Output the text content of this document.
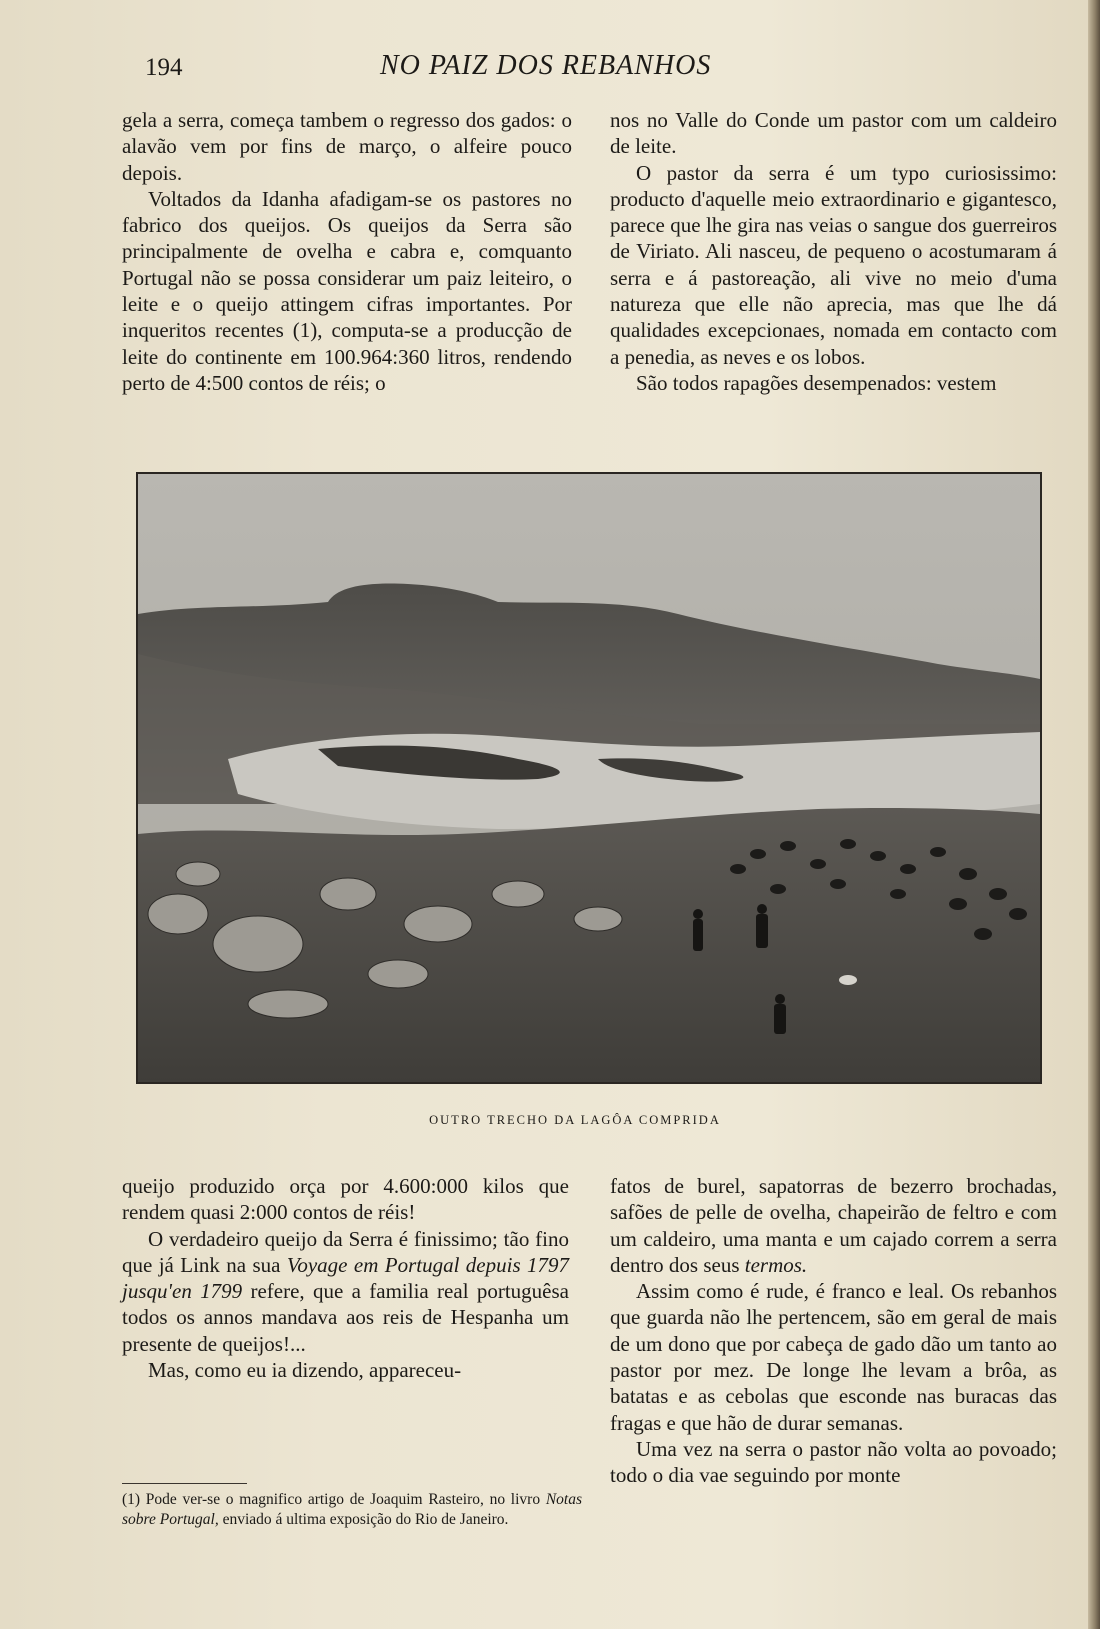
194	NO PAIZ DOS REBANHOS

gela a serra, começa tambem o regresso dos gados: o alavão vem por fins de março, o alfeire pouco depois.

Voltados da Idanha afadigam-se os pastores no fabrico dos queijos. Os queijos da Serra são principalmente de ovelha e cabra e, comquanto Portugal não se possa considerar um paiz leiteiro, o leite e o queijo attingem cifras importantes. Por inqueritos recentes (1), computa-se a producção de leite do continente em 100.964:360 litros, rendendo perto de 4:500 contos de réis; o

nos no Valle do Conde um pastor com um caldeiro de leite.

O pastor da serra é um typo curiosissimo: producto d'aquelle meio extraordinario e gigantesco, parece que lhe gira nas veias o sangue dos guerreiros de Viriato. Ali nasceu, de pequeno o acostumaram á serra e á pastoreação, ali vive no meio d'uma natureza que elle não aprecia, mas que lhe dá qualidades excepcionaes, nomada em contacto com a penedia, as neves e os lobos.

São todos rapagões desempenados: vestem

OUTRO TRECHO DA LAGÔA COMPRIDA

queijo produzido orça por 4.600:000 kilos que rendem quasi 2:000 contos de réis!

O verdadeiro queijo da Serra é finissimo; tão fino que já Link na sua Voyage em Portugal depuis 1797 jusqu'en 1799 refere, que a familia real portuguêsa todos os annos mandava aos reis de Hespanha um presente de queijos!...

Mas, como eu ia dizendo, appareceu-

fatos de burel, sapatorras de bezerro brochadas, safões de pelle de ovelha, chapeirão de feltro e com um caldeiro, uma manta e um cajado correm a serra dentro dos seus termos.

Assim como é rude, é franco e leal. Os rebanhos que guarda não lhe pertencem, são em geral de mais de um dono que por cabeça de gado dão um tanto ao pastor por mez. De longe lhe levam a brôa, as batatas e as cebolas que esconde nas buracas das fragas e que hão de durar semanas.

Uma vez na serra o pastor não volta ao povoado; todo o dia vae seguindo por monte

(1) Pode ver-se o magnifico artigo de Joaquim Rasteiro, no livro Notas sobre Portugal, enviado á ultima exposição do Rio de Janeiro.
